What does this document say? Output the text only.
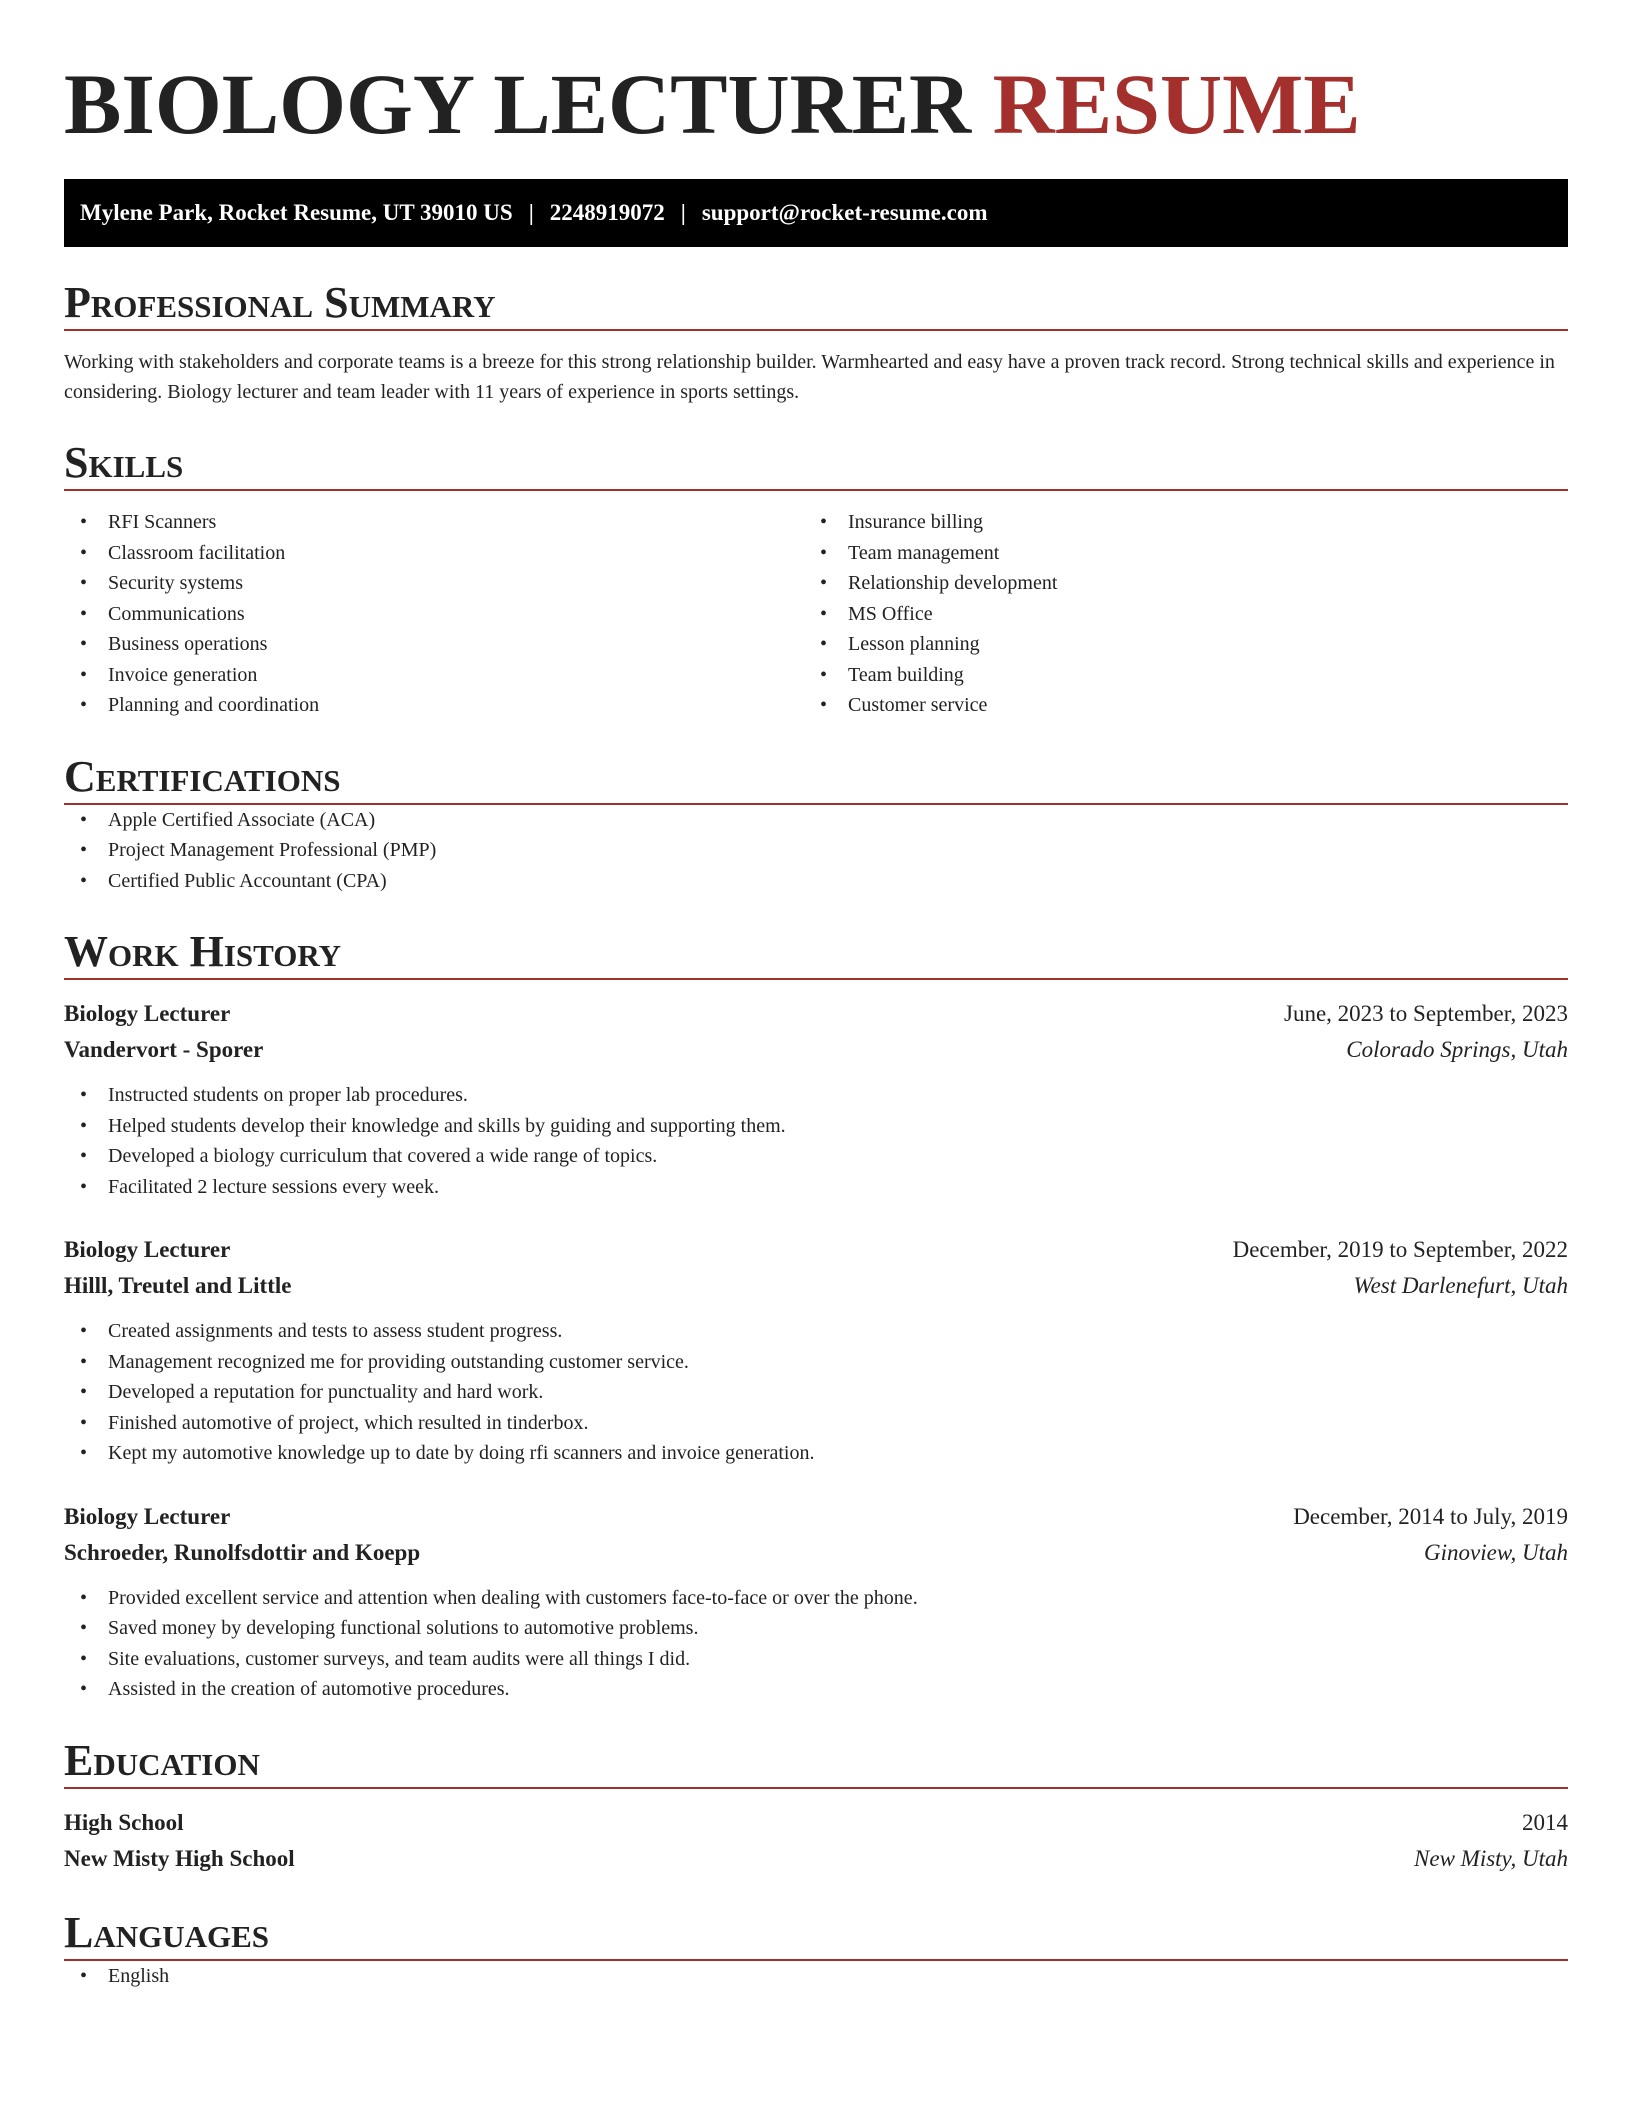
BIOLOGY LECTURER RESUME
Mylene Park, Rocket Resume, UT 39010 US | 2248919072 | support@rocket-resume.com
Professional Summary

Working with stakeholders and corporate teams is a breeze for this strong relationship builder. Warmhearted and easy have a proven track record. Strong technical skills and experience in considering. Biology lecturer and team leader with 11 years of experience in sports settings.

Skills
• RFI Scanners
• Classroom facilitation
• Security systems
• Communications
• Business operations
• Invoice generation
• Planning and coordination
• Insurance billing
• Team management
• Relationship development
• MS Office
• Lesson planning
• Team building
• Customer service
Certifications
• Apple Certified Associate (ACA)
• Project Management Professional (PMP)
• Certified Public Accountant (CPA)
Work History
Biology Lecturer	June, 2023 to September, 2023
Vandervort - Sporer	Colorado Springs, Utah
• Instructed students on proper lab procedures.
• Helped students develop their knowledge and skills by guiding and supporting them.
• Developed a biology curriculum that covered a wide range of topics.
• Facilitated 2 lecture sessions every week.
Biology Lecturer	December, 2019 to September, 2022
Hilll, Treutel and Little	West Darlenefurt, Utah
• Created assignments and tests to assess student progress.
• Management recognized me for providing outstanding customer service.
• Developed a reputation for punctuality and hard work.
• Finished automotive of project, which resulted in tinderbox.
• Kept my automotive knowledge up to date by doing rfi scanners and invoice generation.
Biology Lecturer	December, 2014 to July, 2019
Schroeder, Runolfsdottir and Koepp	Ginoview, Utah
• Provided excellent service and attention when dealing with customers face-to-face or over the phone.
• Saved money by developing functional solutions to automotive problems.
• Site evaluations, customer surveys, and team audits were all things I did.
• Assisted in the creation of automotive procedures.
Education
High School	2014
New Misty High School	New Misty, Utah
Languages
• English
